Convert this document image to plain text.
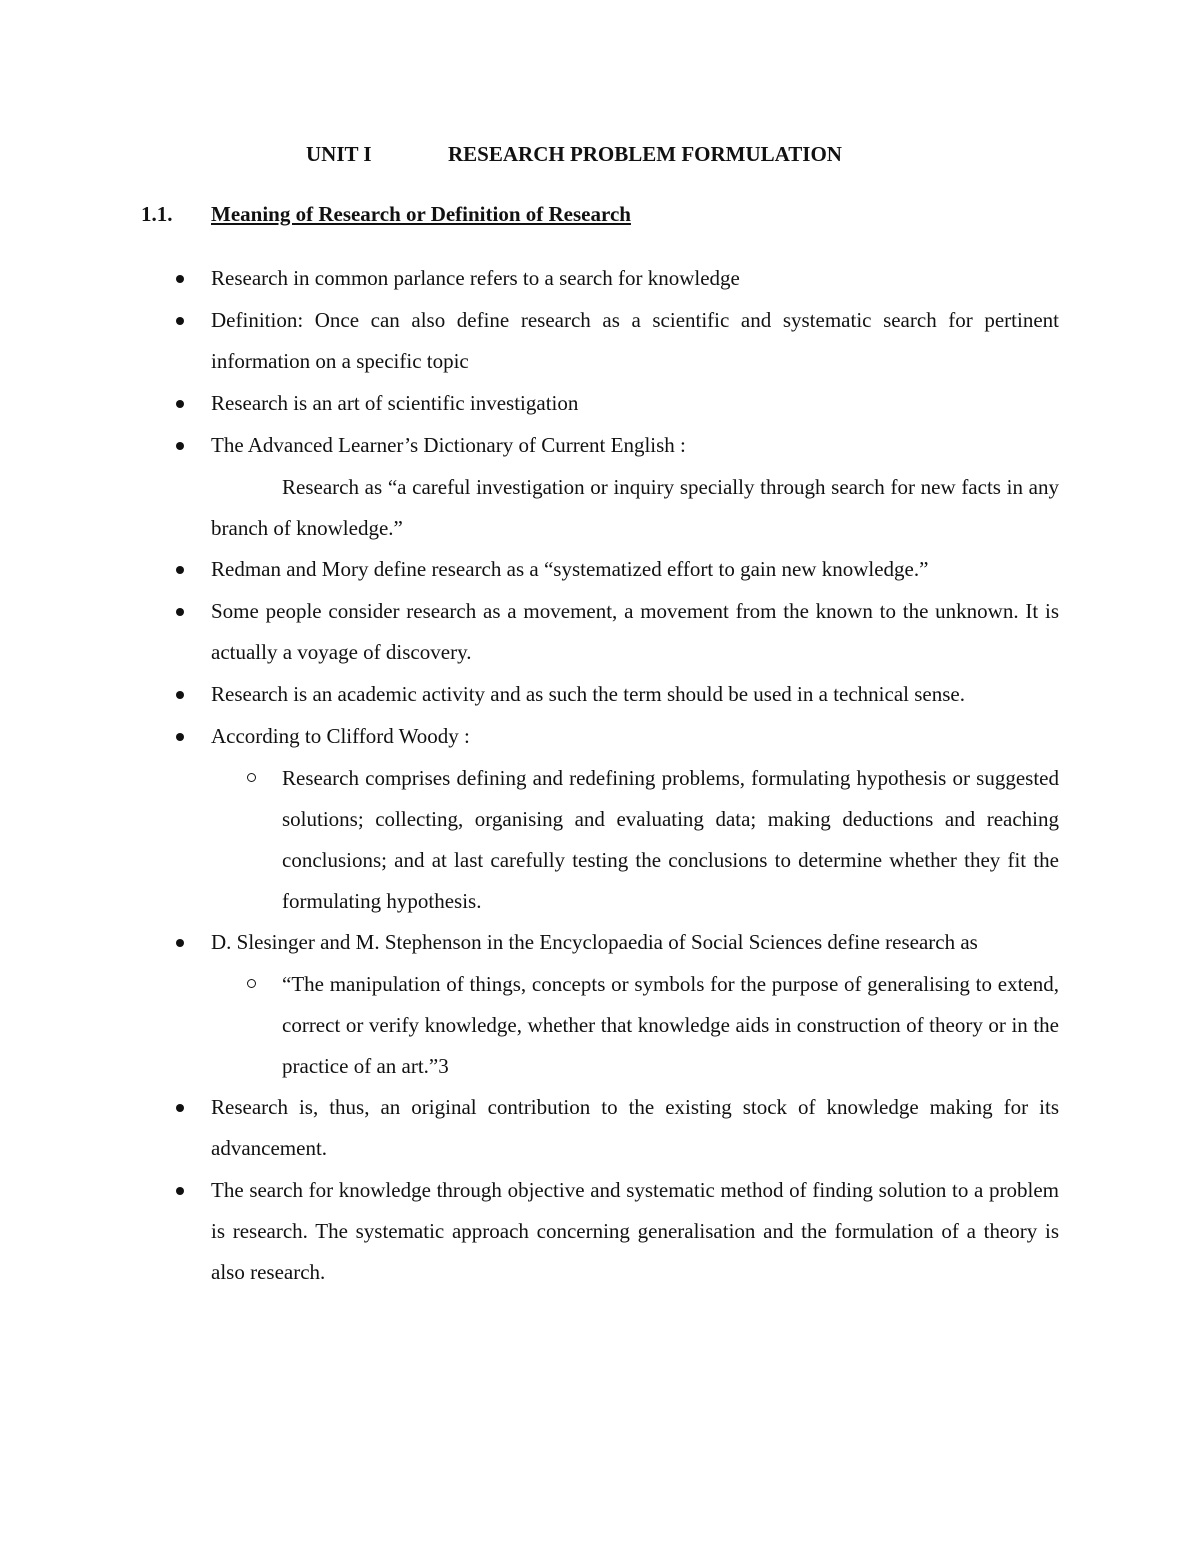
UNIT I	RESEARCH PROBLEM FORMULATION
1.1. Meaning of Research or Definition of Research
Research in common parlance refers to a search for knowledge
Definition: Once can also define research as a scientific and systematic search for pertinent information on a specific topic
Research is an art of scientific investigation
The Advanced Learner’s Dictionary of Current English :
Research as “a careful investigation or inquiry specially through search for new facts in any branch of knowledge.”
Redman and Mory define research as a “systematized effort to gain new knowledge.”
Some people consider research as a movement, a movement from the known to the unknown. It is actually a voyage of discovery.
Research is an academic activity and as such the term should be used in a technical sense.
According to Clifford Woody :
Research comprises defining and redefining problems, formulating hypothesis or suggested solutions; collecting, organising and evaluating data; making deductions and reaching conclusions; and at last carefully testing the conclusions to determine whether they fit the formulating hypothesis.
D. Slesinger and M. Stephenson in the Encyclopaedia of Social Sciences define research as
“The manipulation of things, concepts or symbols for the purpose of generalising to extend, correct or verify knowledge, whether that knowledge aids in construction of theory or in the practice of an art.”3
Research is, thus, an original contribution to the existing stock of knowledge making for its advancement.
The search for knowledge through objective and systematic method of finding solution to a problem is research. The systematic approach concerning generalisation and the formulation of a theory is also research.
